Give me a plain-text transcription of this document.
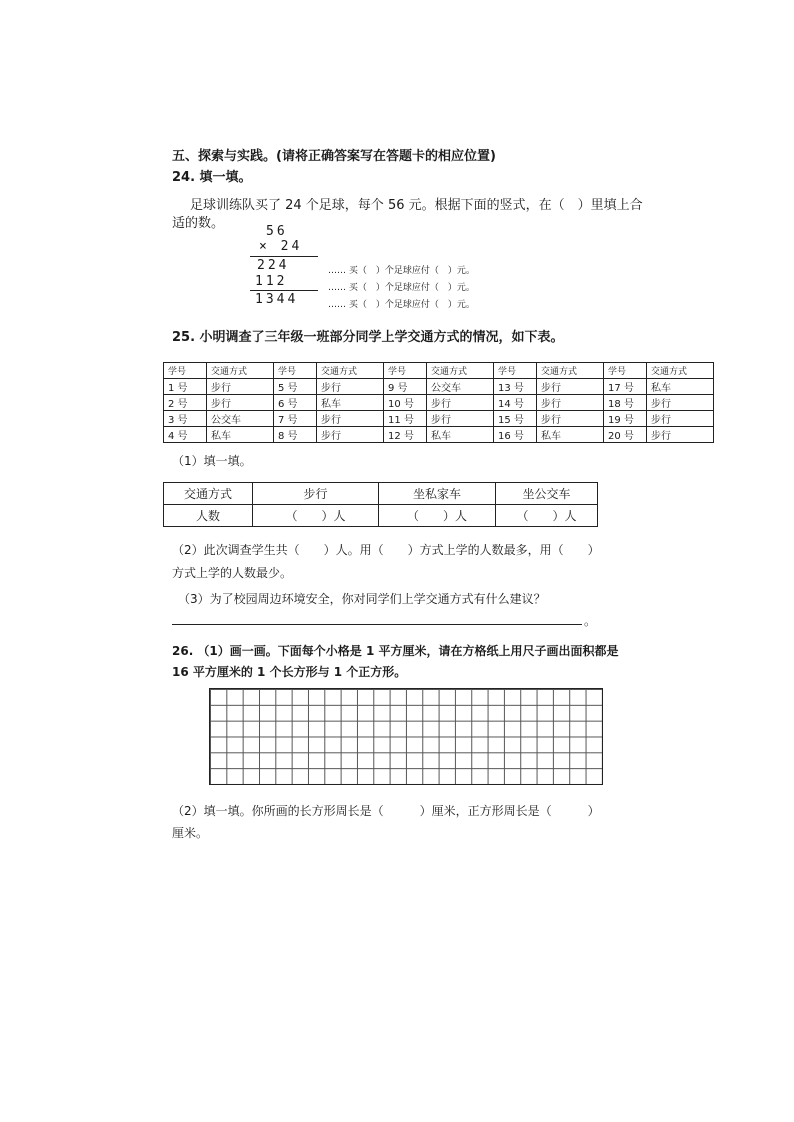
五、探索与实践。(请将正确答案写在答题卡的相应位置)
24. 填一填。
足球训练队买了 24 个足球，每个 56 元。根据下面的竖式，在（　）里填上合
适的数。
56
× 24
224
112
1344
…… 买（　）个足球应付（　）元。
…… 买（　）个足球应付（　）元。
…… 买（　）个足球应付（　）元。
25. 小明调查了三年级一班部分同学上学交通方式的情况，如下表。
学号	交通方式	学号	交通方式	学号	交通方式	学号	交通方式	学号	交通方式
1 号	步行	5 号	步行	9 号	公交车	13 号	步行	17 号	私车
2 号	步行	6 号	私车	10 号	步行	14 号	步行	18 号	步行
3 号	公交车	7 号	步行	11 号	步行	15 号	步行	19 号	步行
4 号	私车	8 号	步行	12 号	私车	16 号	私车	20 号	步行
（1）填一填。
交通方式	步行	坐私家车	坐公交车
人数	（　　）人	（　　）人	（　　）人
（2）此次调查学生共（　　）人。用（　　）方式上学的人数最多，用（　　）
方式上学的人数最少。
（3）为了校园周边环境安全，你对同学们上学交通方式有什么建议？
。
26. （1）画一画。下面每个小格是 1 平方厘米，请在方格纸上用尺子画出面积都是
16 平方厘米的 1 个长方形与 1 个正方形。
（2）填一填。你所画的长方形周长是（　　　）厘米，正方形周长是（　　　）
厘米。
